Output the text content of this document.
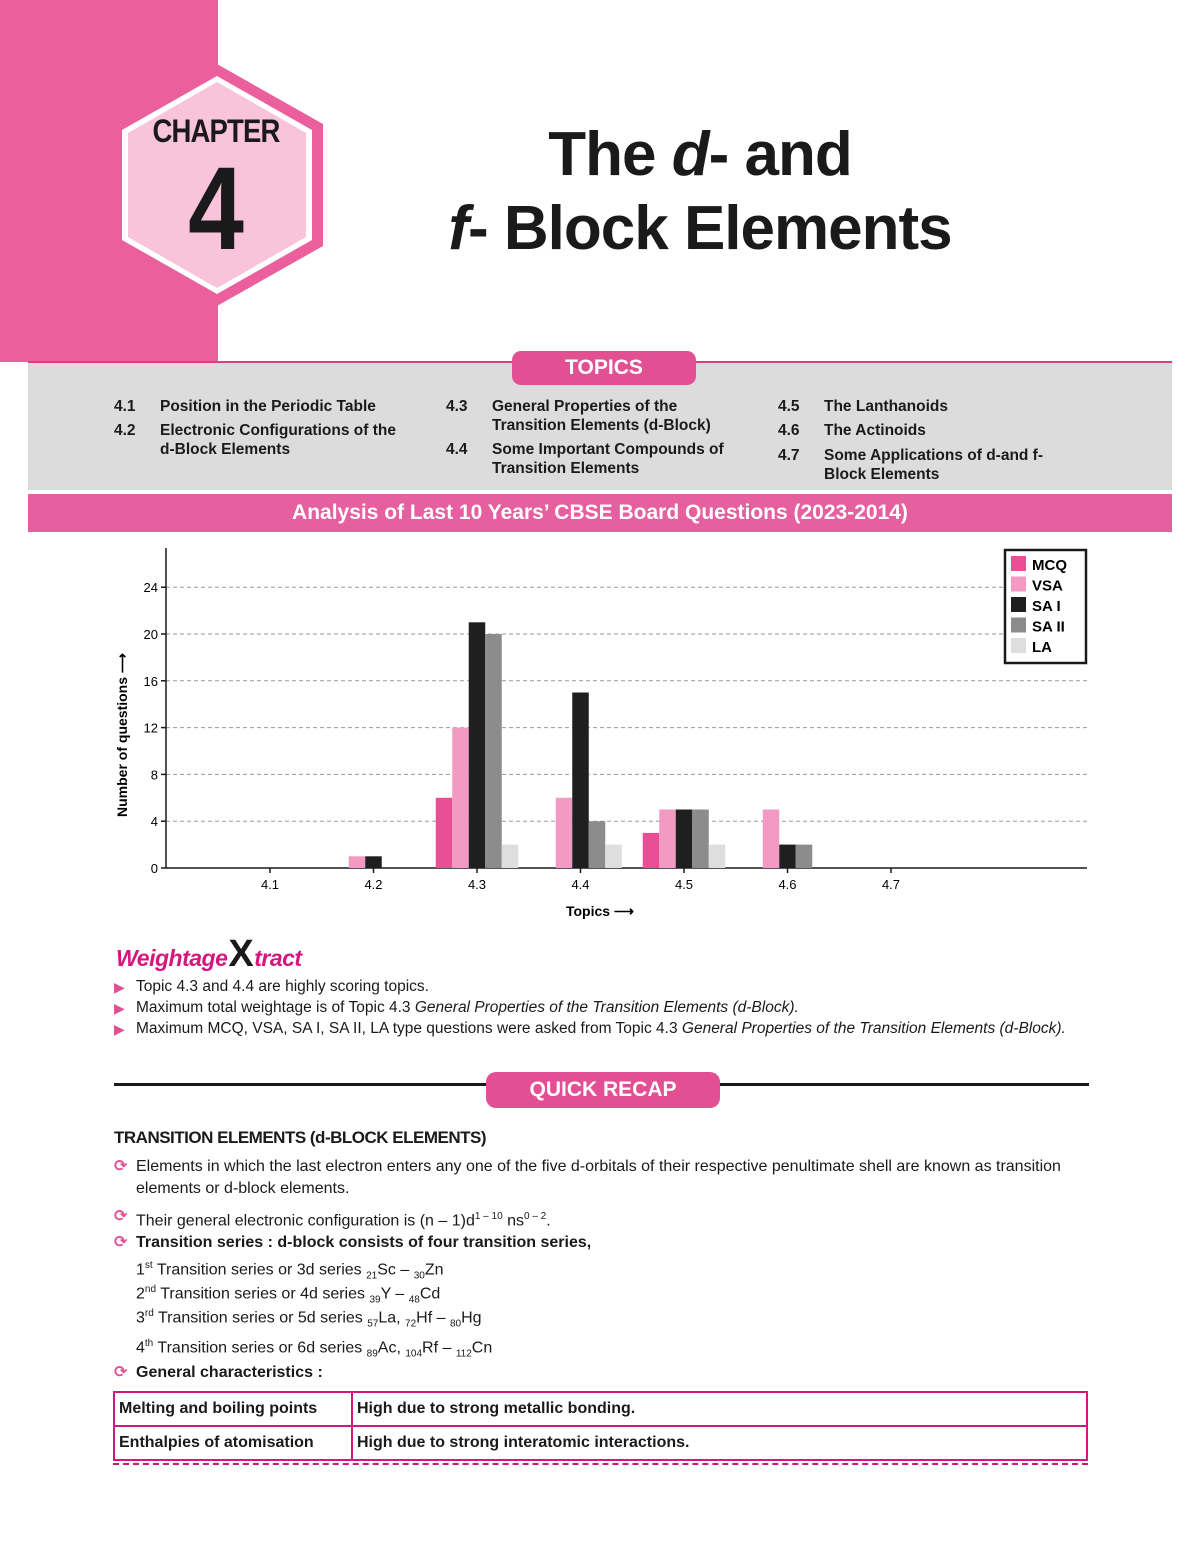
CHAPTER
4	The d- and
f- Block Elements
TOPICS
4.1	Position in the Periodic Table
4.2	Electronic Configurations of the d-Block Elements
4.3	General Properties of the Transition Elements (d-Block)
4.4	Some Important Compounds of Transition Elements
4.5	The Lanthanoids
4.6	The Actinoids
4.7	Some Applications of d-and f-Block Elements
Analysis of Last 10 Years’ CBSE Board Questions (2023-2014)
0
4
8
12
16
20
24
4.1	4.2	4.3	4.4	4.5	4.6	4.7
Number of questions ⟶
Topics ⟶
MCQ
VSA
SA I
SA II
LA
WeightageXtract
▶ Topic 4.3 and 4.4 are highly scoring topics.
▶ Maximum total weightage is of Topic 4.3 General Properties of the Transition Elements (d-Block).
▶ Maximum MCQ, VSA, SA I, SA II, LA type questions were asked from Topic 4.3 General Properties of the Transition Elements (d-Block).
QUICK RECAP
TRANSITION ELEMENTS (d-BLOCK ELEMENTS)
⟳ Elements in which the last electron enters any one of the five d-orbitals of their respective penultimate shell are known as transition elements or d-block elements.
⟳ Their general electronic configuration is $(n - 1)d^{1 - 10}$ $ns^{0 - 2}$.
⟳ Transition series : d-block consists of four transition series,
1st Transition series or 3d series $_{21}$Sc – $_{30}$Zn
2nd Transition series or 4d series $_{39}$Y – $_{48}$Cd
3rd Transition series or 5d series $_{57}$La, $_{72}$Hf – $_{80}$Hg
4th Transition series or 6d series $_{89}$Ac, $_{104}$Rf – $_{112}$Cn
⟳ General characteristics :
Melting and boiling points	High due to strong metallic bonding.
Enthalpies of atomisation	High due to strong interatomic interactions.
